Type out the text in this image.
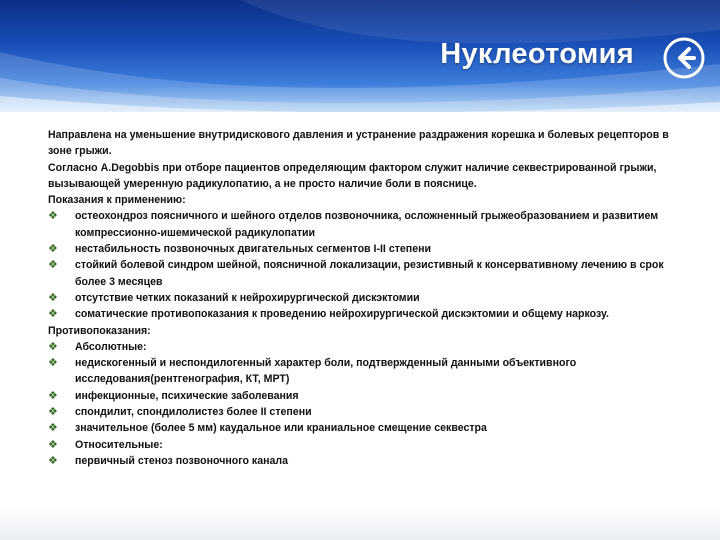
Нуклеотомия

Направлена на уменьшение внутридискового давления и устранение раздражения корешка и болевых рецепторов в зоне грыжи.

Согласно A.Degobbis при отборе пациентов определяющим фактором служит наличие секвестрированной грыжи, вызывающей умеренную радикулопатию, а не просто наличие боли в пояснице.

Показания к применению:

❖ остеохондроз поясничного и шейного отделов позвоночника, осложненный грыжеобразованием и развитием компрессионно-ишемической радикулопатии
❖ нестабильность позвоночных двигательных сегментов I-II степени
❖ стойкий болевой синдром шейной, поясничной локализации, резистивный к консервативному лечению в срок более 3 месяцев
❖ отсутствие четких показаний к нейрохирургической дискэктомии
❖ соматические противопоказания к проведению нейрохирургической дискэктомии и общему наркозу.

Противопоказания:

❖ Абсолютные:
❖ недискогенный и неспондилогенный характер боли, подтвержденный данными объективного исследования(рентгенография, КТ, МРТ)
❖ инфекционные, психические заболевания
❖ спондилит, спондилолистез более II степени
❖ значительное (более 5 мм) каудальное или краниальное смещение секвестра
❖ Относительные:
❖ первичный стеноз позвоночного канала
